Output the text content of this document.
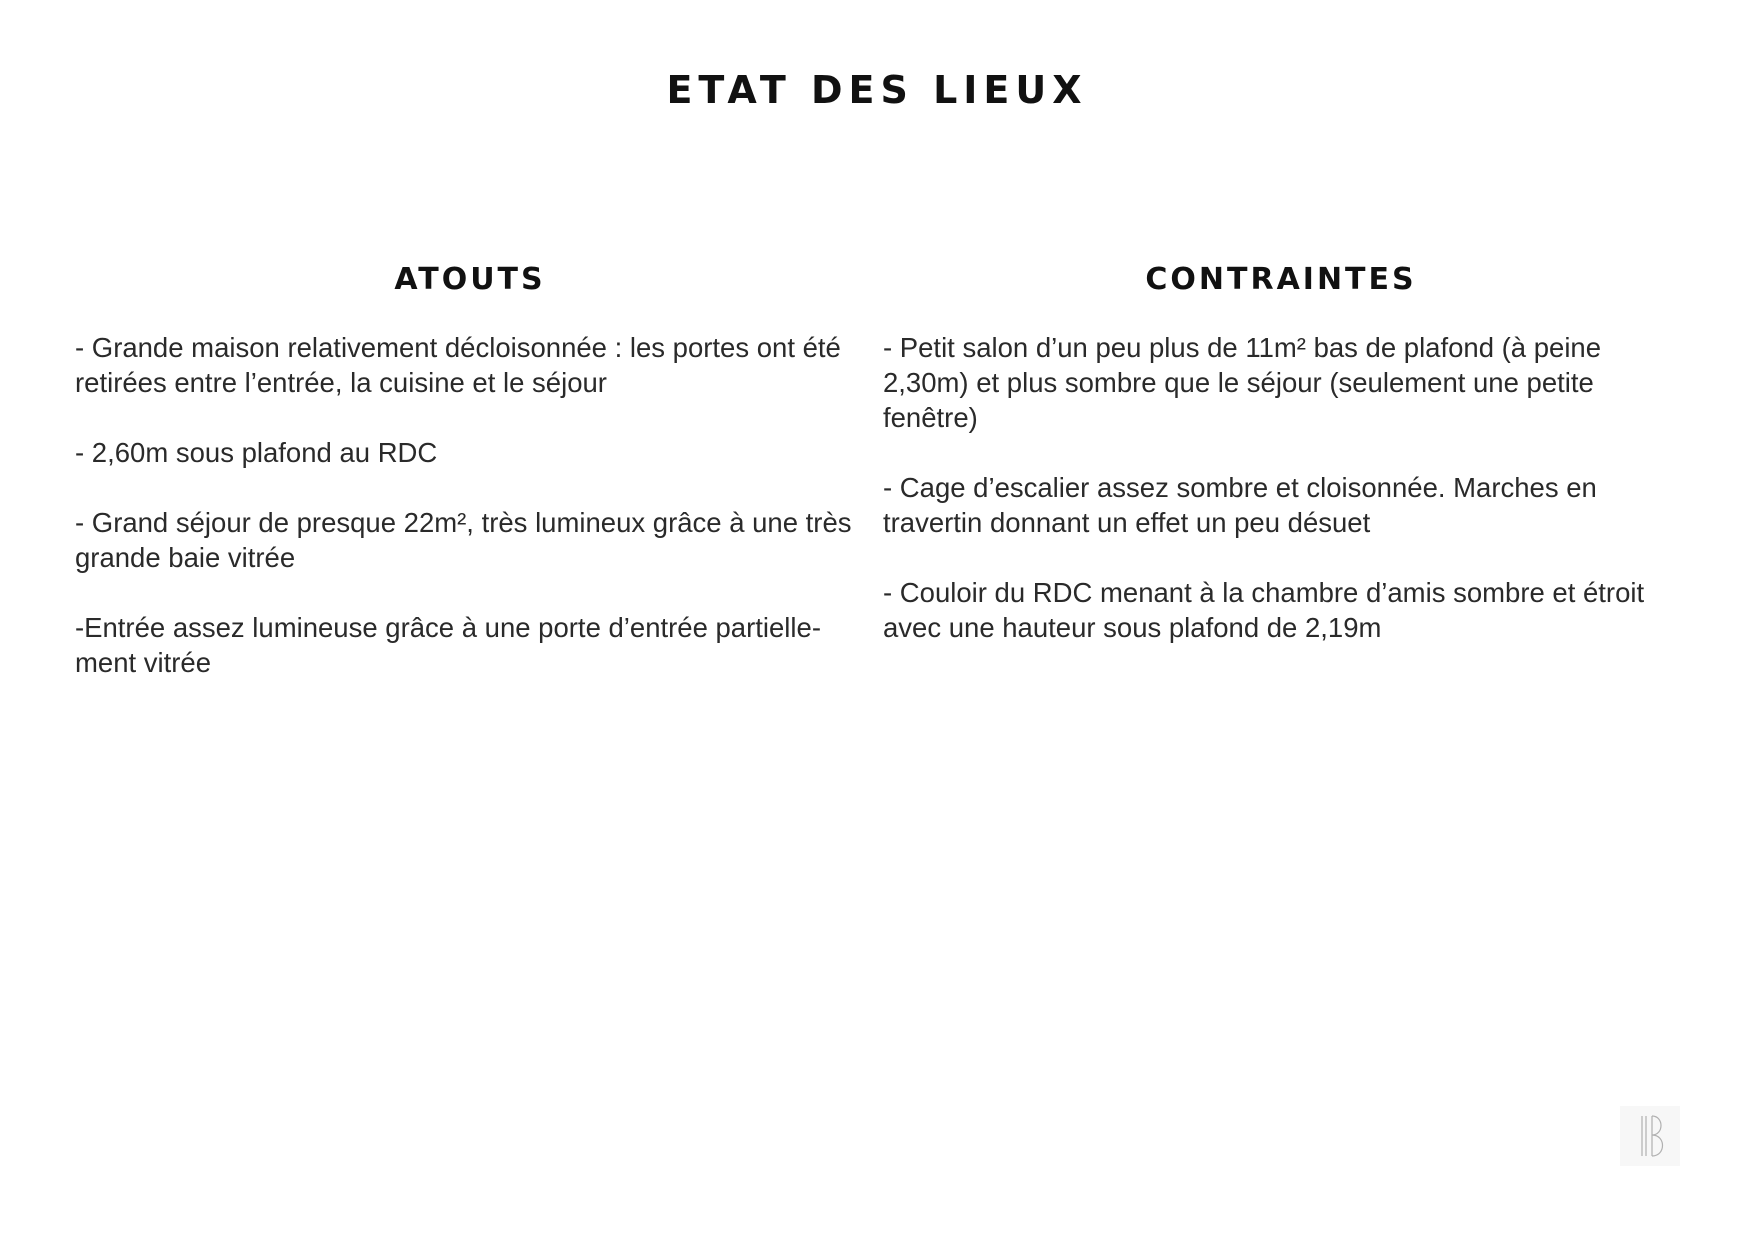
ETAT DES LIEUX
ATOUTS

- Grande maison relativement décloisonnée : les portes ont été retirées entre l’entrée, la cuisine et le séjour

- 2,60m sous plafond au RDC

- Grand séjour de presque 22m², très lumineux grâce à une très grande baie vitrée

-Entrée assez lumineuse grâce à une porte d’entrée partielle-ment vitrée

CONTRAINTES

- Petit salon d’un peu plus de 11m² bas de plafond (à peine 2,30m) et plus sombre que le séjour (seulement une petite fenêtre)

- Cage d’escalier assez sombre et cloisonnée. Marches en travertin donnant un effet un peu désuet

- Couloir du RDC menant à la chambre d’amis sombre et étroit avec une hauteur sous plafond de 2,19m
